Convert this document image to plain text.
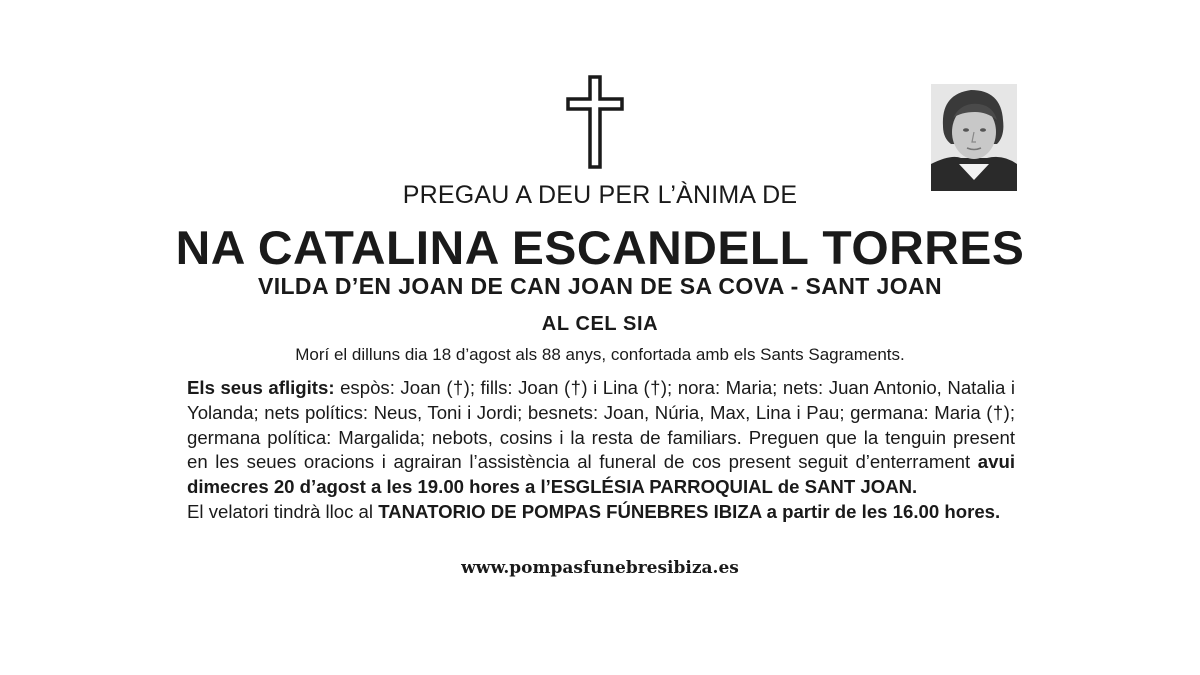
PREGAU A DEU PER L’ÀNIMA DE
NA CATALINA ESCANDELL TORRES
VILDA D’EN JOAN DE CAN JOAN DE SA COVA - SANT JOAN
AL CEL SIA
Morí el dilluns dia 18 d’agost als 88 anys, confortada amb els Sants Sagraments.
Els seus afligits: espòs: Joan (†); fills: Joan (†) i Lina (†); nora: Maria; nets: Juan Antonio, Natalia i Yolanda; nets polítics: Neus, Toni i Jordi; besnets: Joan, Núria, Max, Lina i Pau; germana: Maria (†); germana política: Margalida; nebots, cosins i la resta de familiars. Preguen que la tenguin present en les seues oracions i agrairan l’assistència al funeral de cos present seguit d’enterrament avui dimecres 20 d’agost a les 19.00 hores a l’ESGLÉSIA PARROQUIAL de SANT JOAN.
El velatori tindrà lloc al TANATORIO DE POMPAS FÚNEBRES IBIZA a partir de les 16.00 hores.
www.pompasfunebresibiza.es
